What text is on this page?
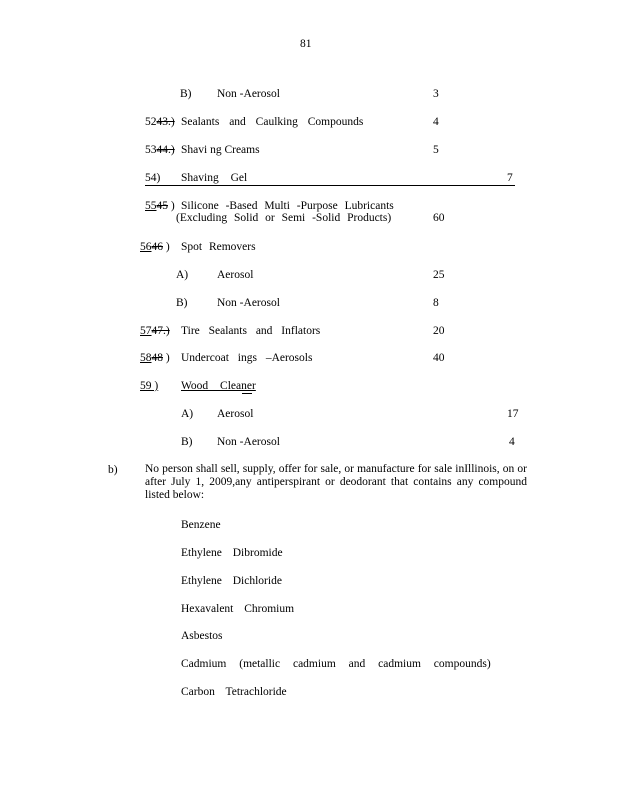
81
B) Non -Aerosol	3
5243.) Sealants and Caulking Compounds	4
5344.) Shavi ng Creams	5
54) Shaving Gel	7
5545 ) Silicone -Based Multi -Purpose Lubricants
(Excluding Solid or Semi -Solid Products)	60
5646 ) Spot Removers
A)	Aerosol	25
B)	Non -Aerosol	8
5747.) Tire Sealants and Inflators	20
5848 ) Undercoat ings –Aerosols	40
59 ) Wood Cleaner
A) Aerosol	17
B) Non -Aerosol	4
b) No person shall sell, supply, offer for sale, or manufacture for sale inIllinois, on or after July 1, 2009,any antiperspirant or deodorant that contains any compound listed below:
Benzene
Ethylene Dibromide
Ethylene Dichloride
Hexavalent Chromium
Asbestos
Cadmium (metallic cadmium and cadmium compounds)
Carbon Tetrachloride
